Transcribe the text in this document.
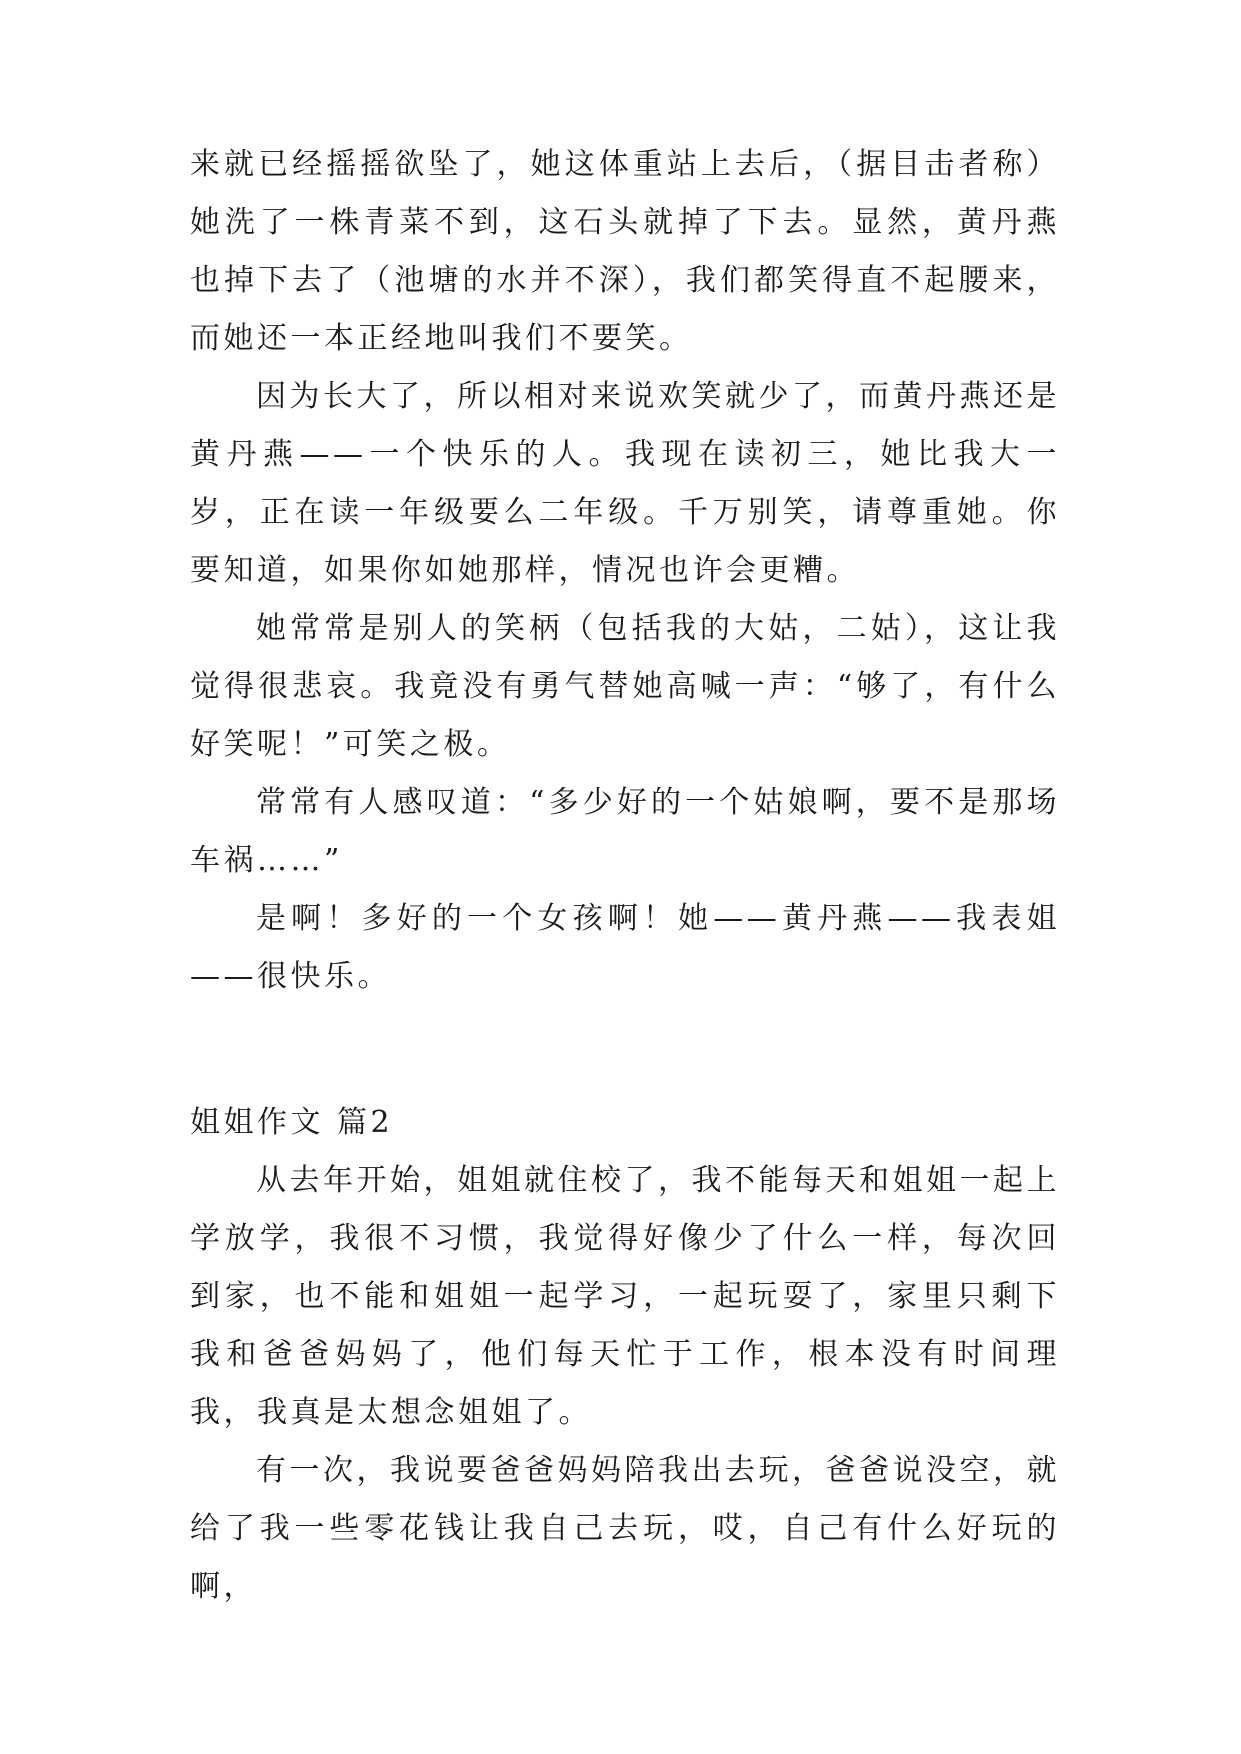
来就已经摇摇欲坠了，她这体重站上去后，（据目击者称）她洗了一株青菜不到，这石头就掉了下去。显然，黄丹燕也掉下去了（池塘的水并不深），我们都笑得直不起腰来，而她还一本正经地叫我们不要笑。

因为长大了，所以相对来说欢笑就少了，而黄丹燕还是黄丹燕——一个快乐的人。我现在读初三，她比我大一岁，正在读一年级要么二年级。千万别笑，请尊重她。你要知道，如果你如她那样，情况也许会更糟。

她常常是别人的笑柄（包括我的大姑，二姑），这让我觉得很悲哀。我竟没有勇气替她高喊一声：“够了，有什么好笑呢！”可笑之极。

常常有人感叹道：“多少好的一个姑娘啊，要不是那场车祸……”

是啊！多好的一个女孩啊！她——黄丹燕——我表姐——很快乐。

姐姐作文 篇2

从去年开始，姐姐就住校了，我不能每天和姐姐一起上学放学，我很不习惯，我觉得好像少了什么一样，每次回到家，也不能和姐姐一起学习，一起玩耍了，家里只剩下我和爸爸妈妈了，他们每天忙于工作，根本没有时间理我，我真是太想念姐姐了。

有一次，我说要爸爸妈妈陪我出去玩，爸爸说没空，就给了我一些零花钱让我自己去玩，哎，自己有什么好玩的啊，
